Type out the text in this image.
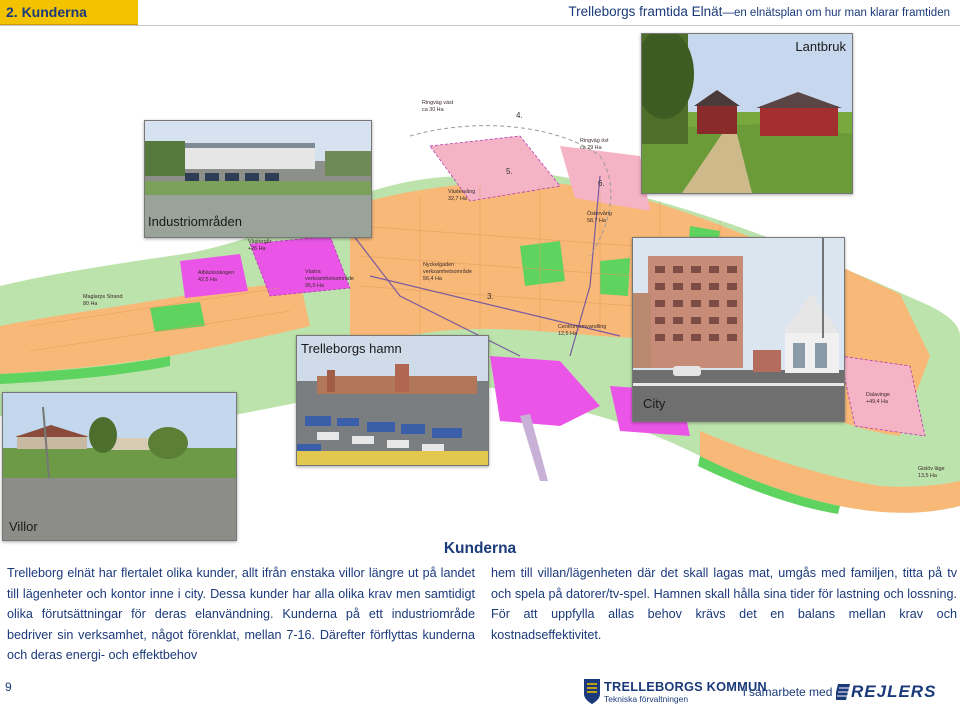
2. Kunderna	Trelleborgs framtida Elnät—en elnätsplan om hur man klarar framtiden
Ringväg väst
ca 30 Ha
Ringväg öst
ca 29 Ha
Västervång
32,7 Ha
Östervång
58,7 Ha
Västergår
+26 Ha
Albäcksskogen
42,5 Ha
Västra
verksamhetsområde
95,5 Ha
Maglarps Strand
80 Ha
Nyckelgaden
verksamhetsområde
56,4 Ha
Centrumomvandling
12,5 Ha
Dalavinge
+49,4 Ha
Gislöv läge
13,5 Ha
4.
5.
6.
3.
Lantbruk
Industriområden
City
Trelleborgs hamn
Villor
Kunderna
Trelleborg elnät har flertalet olika kunder, allt ifrån enstaka villor längre ut på landet till lägenheter och kontor inne i city. Dessa kunder har alla olika krav men samtidigt olika förutsättningar för deras elanvändning. Kunderna på ett industriområde bedriver sin verksamhet, något förenklat, mellan 7-16. Därefter förflyttas kunderna och deras energi- och effektbehov
hem till villan/lägenheten där det skall lagas mat, umgås med familjen, titta på tv och spela på datorer/tv-spel. Hamnen skall hålla sina tider för lastning och lossning. För att uppfylla allas behov krävs det en balans mellan krav och kostnadseffektivitet.
9	TRELLEBORGS KOMMUN
Tekniska förvaltningen	i samarbete med REJLERS
